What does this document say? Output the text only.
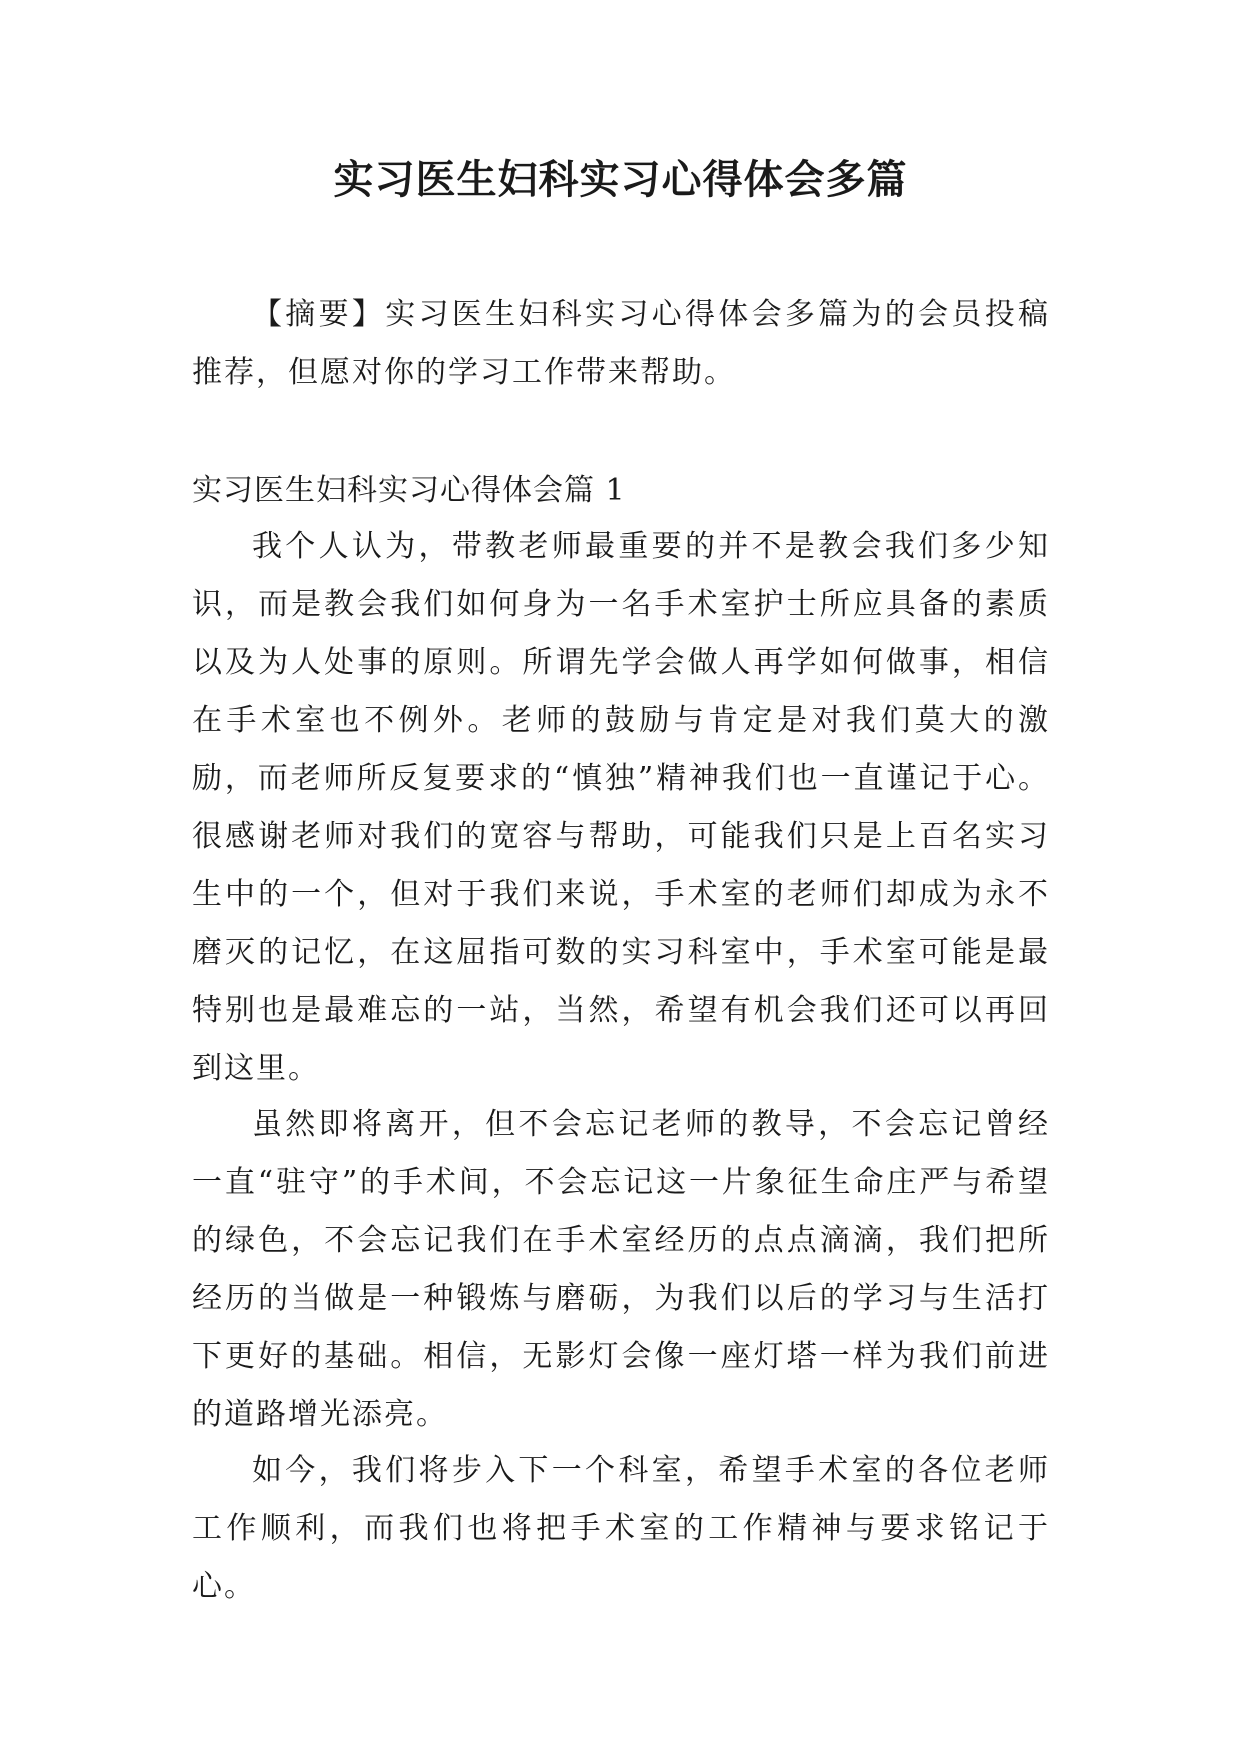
实习医生妇科实习心得体会多篇

【摘要】实习医生妇科实习心得体会多篇为的会员投稿推荐，但愿对你的学习工作带来帮助。

实习医生妇科实习心得体会篇 1

我个人认为，带教老师最重要的并不是教会我们多少知识，而是教会我们如何身为一名手术室护士所应具备的素质以及为人处事的原则。所谓先学会做人再学如何做事，相信在手术室也不例外。老师的鼓励与肯定是对我们莫大的激励，而老师所反复要求的“慎独”精神我们也一直谨记于心。很感谢老师对我们的宽容与帮助，可能我们只是上百名实习生中的一个，但对于我们来说，手术室的老师们却成为永不磨灭的记忆，在这屈指可数的实习科室中，手术室可能是最特别也是最难忘的一站，当然，希望有机会我们还可以再回到这里。

虽然即将离开，但不会忘记老师的教导，不会忘记曾经一直“驻守”的手术间，不会忘记这一片象征生命庄严与希望的绿色，不会忘记我们在手术室经历的点点滴滴，我们把所经历的当做是一种锻炼与磨砺，为我们以后的学习与生活打下更好的基础。相信，无影灯会像一座灯塔一样为我们前进的道路增光添亮。

如今，我们将步入下一个科室，希望手术室的各位老师工作顺利，而我们也将把手术室的工作精神与要求铭记于心。
